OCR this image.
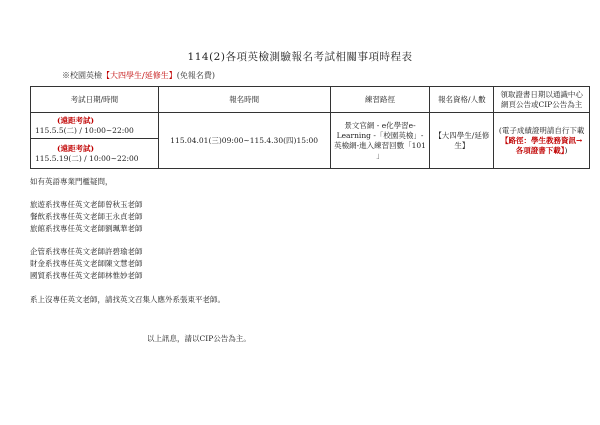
114(2)各項英檢測驗報名考試相關事項時程表
※校園英檢【大四學生/延修生】(免報名費)
考試日期/時間	報名時間	練習路徑	報名資格/人數	領取證書日期以通識中心網頁公告或CIP公告為主

(遠距考試)
115.5.5(二) / 10:00~22:00	115.04.01(三)09:00~115.4.30(四)15:00	景文官網 - e化學習e-Learning -「校園英檢」-英檢網-進入練習回數「101 」	【大四學生/延修生】	(電子成績證明請自行下載【路徑：學生教務資訊→各項證書下載】)

(遠距考試)
115.5.19(二) / 10:00~22:00				
如有英語專業門檻疑問，
旅遊系找專任英文老師曾秋玉老師
餐飲系找專任英文老師王永貞老師
旅館系找專任英文老師劉珮華老師
企管系找專任英文老師許碧瑜老師
財金系找專任英文老師陳文慧老師
國貿系找專任英文老師林惟妙老師
系上沒專任英文老師，請找英文召集人應外系張東平老師。
以上訊息，請以CIP公告為主。
